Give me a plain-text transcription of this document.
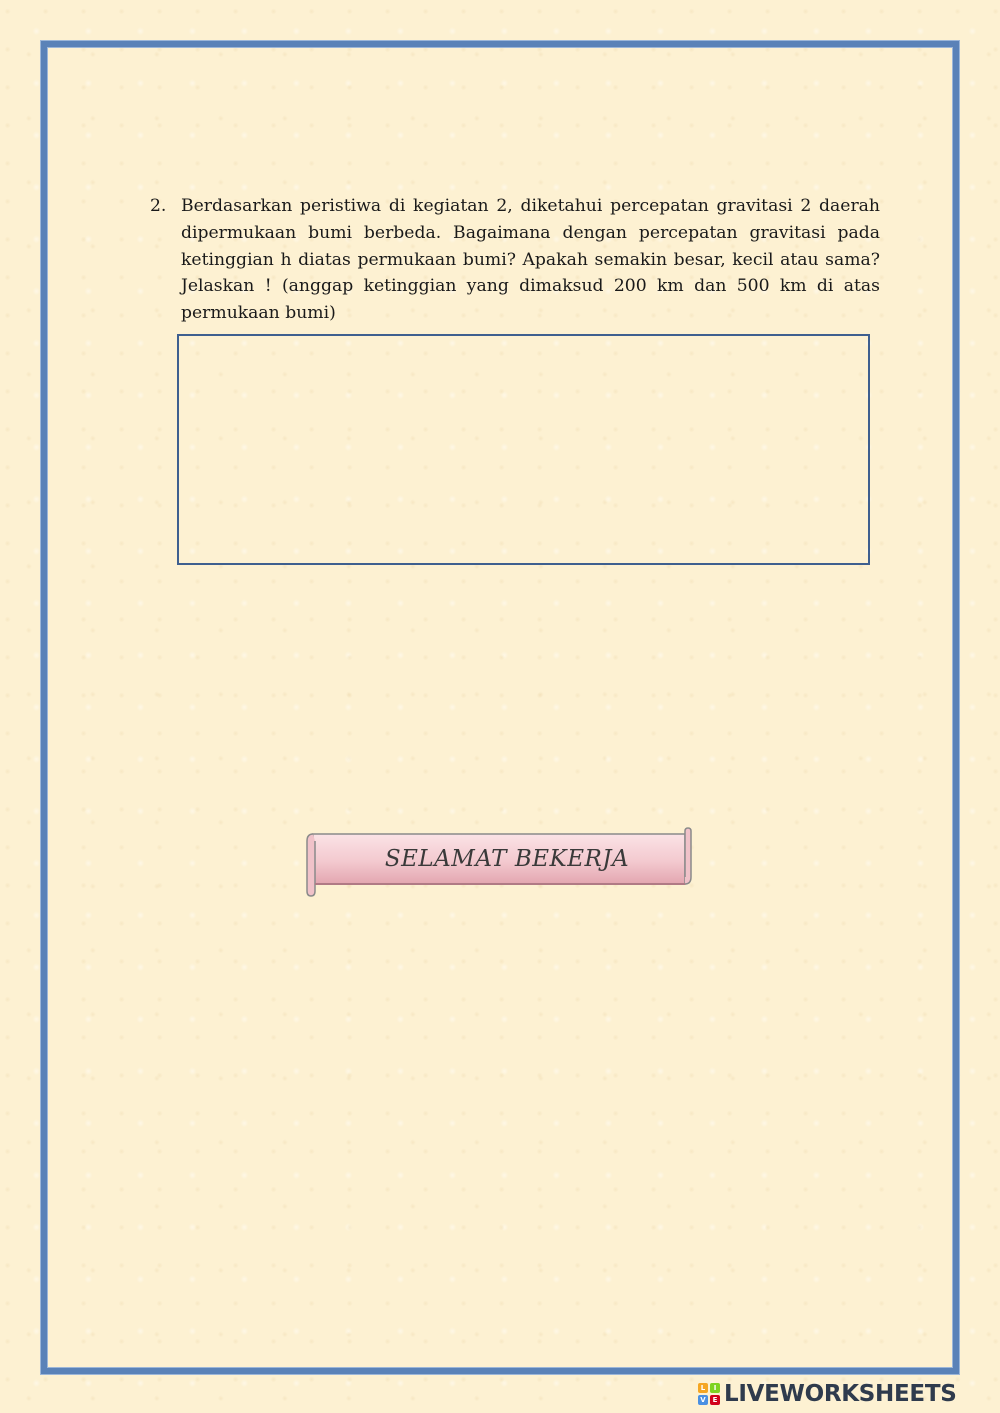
2. Berdasarkan peristiwa di kegiatan 2, diketahui percepatan gravitasi 2 daerah dipermukaan bumi berbeda. Bagaimana dengan percepatan gravitasi pada ketinggian h diatas permukaan bumi? Apakah semakin besar, kecil atau sama? Jelaskan ! (anggap ketinggian yang dimaksud 200 km dan 500 km di atas permukaan bumi)
SELAMAT BEKERJA
L	I
V E LIVEWORKSHEETS
